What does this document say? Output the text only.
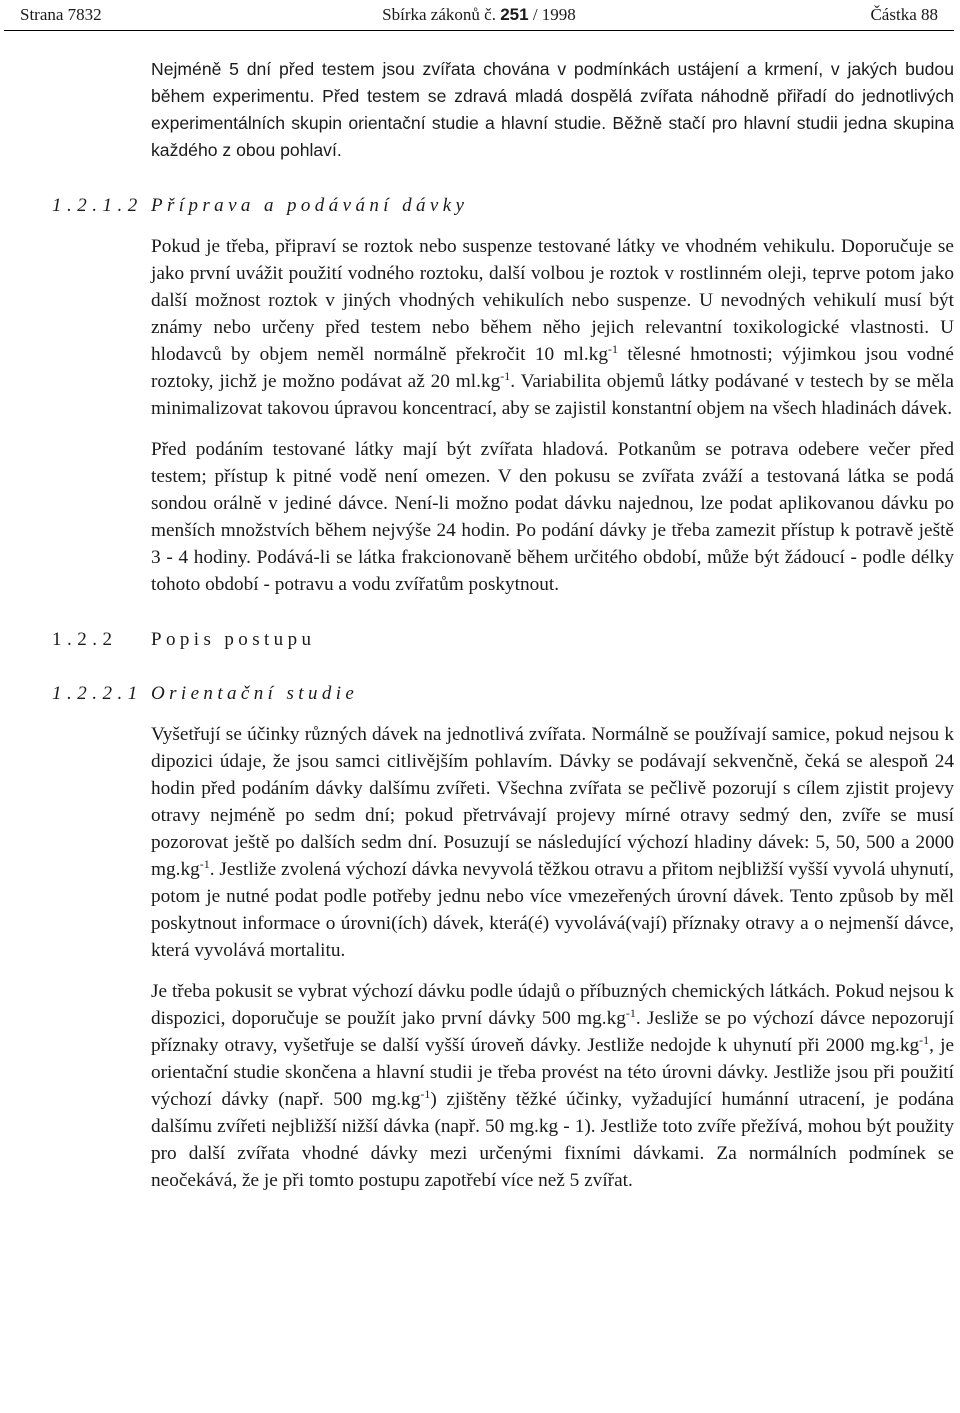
Strana 7832	Sbírka zákonů č. 251 / 1998	Částka 88

Nejméně 5 dní před testem jsou zvířata chována v podmínkách ustájení a krmení, v jakých budou během experimentu. Před testem se zdravá mladá dospělá zvířata náhodně přiřadí do jednotlivých experimentálních skupin orientační studie a hlavní studie. Běžně stačí pro hlavní studii jedna skupina každého z obou pohlaví.

1.2.1.2 Příprava a podávání dávky

Pokud je třeba, připraví se roztok nebo suspenze testované látky ve vhodném vehikulu. Doporučuje se jako první uvážit použití vodného roztoku, další volbou je roztok v rostlinném oleji, teprve potom jako další možnost roztok v jiných vhodných vehikulích nebo suspenze. U nevodných vehikulí musí být známy nebo určeny před testem nebo během něho jejich relevantní toxikologické vlastnosti. U hlodavců by objem neměl normálně překročit 10 $ml.kg^{-1}$ tělesné hmotnosti; výjimkou jsou vodné roztoky, jichž je možno podávat až 20 $ml.kg^{-1}$. Variabilita objemů látky podávané v testech by se měla minimalizovat takovou úpravou koncentrací, aby se zajistil konstantní objem na všech hladinách dávek.

Před podáním testované látky mají být zvířata hladová. Potkanům se potrava odebere večer před testem; přístup k pitné vodě není omezen. V den pokusu se zvířata zváží a testovaná látka se podá sondou orálně v jediné dávce. Není-li možno podat dávku najednou, lze podat aplikovanou dávku po menších množstvích během nejvýše 24 hodin. Po podání dávky je třeba zamezit přístup k potravě ještě 3 - 4 hodiny. Podává-li se látka frakcionovaně během určitého období, může být žádoucí - podle délky tohoto období - potravu a vodu zvířatům poskytnout.

1.2.2	Popis postupu
1.2.2.1 Orientační studie

Vyšetřují se účinky různých dávek na jednotlivá zvířata. Normálně se používají samice, pokud nejsou k dipozici údaje, že jsou samci citlivějším pohlavím. Dávky se podávají sekvenčně, čeká se alespoň 24 hodin před podáním dávky dalšímu zvířeti. Všechna zvířata se pečlivě pozorují s cílem zjistit projevy otravy nejméně po sedm dní; pokud přetrvávají projevy mírné otravy sedmý den, zvíře se musí pozorovat ještě po dalších sedm dní. Posuzují se následující výchozí hladiny dávek: 5, 50, 500 a 2000 $mg.kg^{-1}$. Jestliže zvolená výchozí dávka nevyvolá těžkou otravu a přitom nejbližší vyšší vyvolá uhynutí, potom je nutné podat podle potřeby jednu nebo více vmezeřených úrovní dávek. Tento způsob by měl poskytnout informace o úrovni(ích) dávek, která(é) vyvolává(vají) příznaky otravy a o nejmenší dávce, která vyvolává mortalitu.

Je třeba pokusit se vybrat výchozí dávku podle údajů o příbuzných chemických látkách. Pokud nejsou k dispozici, doporučuje se použít jako první dávky 500 $mg.kg^{-1}$. Jesliže se po výchozí dávce nepozorují příznaky otravy, vyšetřuje se další vyšší úroveň dávky. Jestliže nedojde k uhynutí při 2000 $mg.kg^{-1}$, je orientační studie skončena a hlavní studii je třeba provést na této úrovni dávky. Jestliže jsou při použití výchozí dávky (např. 500 $mg.kg^{-1}$) zjištěny těžké účinky, vyžadující humánní utracení, je podána dalšímu zvířeti nejbližší nižší dávka (např. 50 mg.kg - 1). Jestliže toto zvíře přežívá, mohou být použity pro další zvířata vhodné dávky mezi určenými fixními dávkami. Za normálních podmínek se neočekává, že je při tomto postupu zapotřebí více než 5 zvířat.
